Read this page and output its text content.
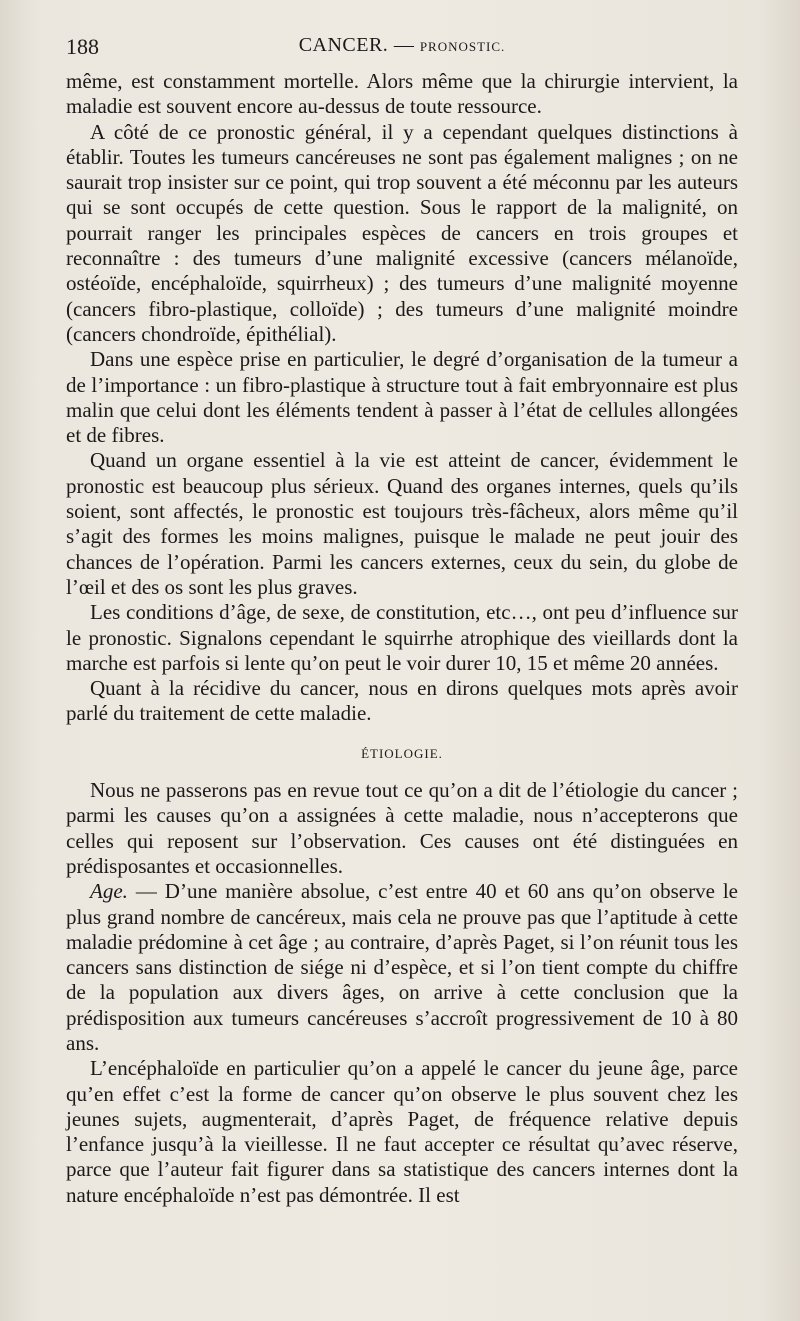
188	CANCER. — PRONOSTIC.

même, est constamment mortelle. Alors même que la chirurgie intervient, la maladie est souvent encore au-dessus de toute ressource.

A côté de ce pronostic général, il y a cependant quelques distinctions à établir. Toutes les tumeurs cancéreuses ne sont pas également malignes ; on ne saurait trop insister sur ce point, qui trop souvent a été méconnu par les auteurs qui se sont occupés de cette question. Sous le rapport de la malignité, on pourrait ranger les principales espèces de cancers en trois groupes et reconnaître : des tumeurs d’une malignité excessive (cancers mélanoïde, ostéoïde, encéphaloïde, squirrheux) ; des tumeurs d’une malignité moyenne (cancers fibro-plastique, colloïde) ; des tumeurs d’une malignité moindre (cancers chondroïde, épithélial).

Dans une espèce prise en particulier, le degré d’organisation de la tumeur a de l’importance : un fibro-plastique à structure tout à fait embryonnaire est plus malin que celui dont les éléments tendent à passer à l’état de cellules allongées et de fibres.

Quand un organe essentiel à la vie est atteint de cancer, évidemment le pronostic est beaucoup plus sérieux. Quand des organes internes, quels qu’ils soient, sont affectés, le pronostic est toujours très-fâcheux, alors même qu’il s’agit des formes les moins malignes, puisque le malade ne peut jouir des chances de l’opération. Parmi les cancers externes, ceux du sein, du globe de l’œil et des os sont les plus graves.

Les conditions d’âge, de sexe, de constitution, etc…, ont peu d’influence sur le pronostic. Signalons cependant le squirrhe atrophique des vieillards dont la marche est parfois si lente qu’on peut le voir durer 10, 15 et même 20 années.

Quant à la récidive du cancer, nous en dirons quelques mots après avoir parlé du traitement de cette maladie.

ÉTIOLOGIE.

Nous ne passerons pas en revue tout ce qu’on a dit de l’étiologie du cancer ; parmi les causes qu’on a assignées à cette maladie, nous n’accepterons que celles qui reposent sur l’observation. Ces causes ont été distinguées en prédisposantes et occasionnelles.

Age. — D’une manière absolue, c’est entre 40 et 60 ans qu’on observe le plus grand nombre de cancéreux, mais cela ne prouve pas que l’aptitude à cette maladie prédomine à cet âge ; au contraire, d’après Paget, si l’on réunit tous les cancers sans distinction de siége ni d’espèce, et si l’on tient compte du chiffre de la population aux divers âges, on arrive à cette conclusion que la prédisposition aux tumeurs cancéreuses s’accroît progressivement de 10 à 80 ans.

L’encéphaloïde en particulier qu’on a appelé le cancer du jeune âge, parce qu’en effet c’est la forme de cancer qu’on observe le plus souvent chez les jeunes sujets, augmenterait, d’après Paget, de fréquence relative depuis l’enfance jusqu’à la vieillesse. Il ne faut accepter ce résultat qu’avec réserve, parce que l’auteur fait figurer dans sa statistique des cancers internes dont la nature encéphaloïde n’est pas démontrée. Il est
